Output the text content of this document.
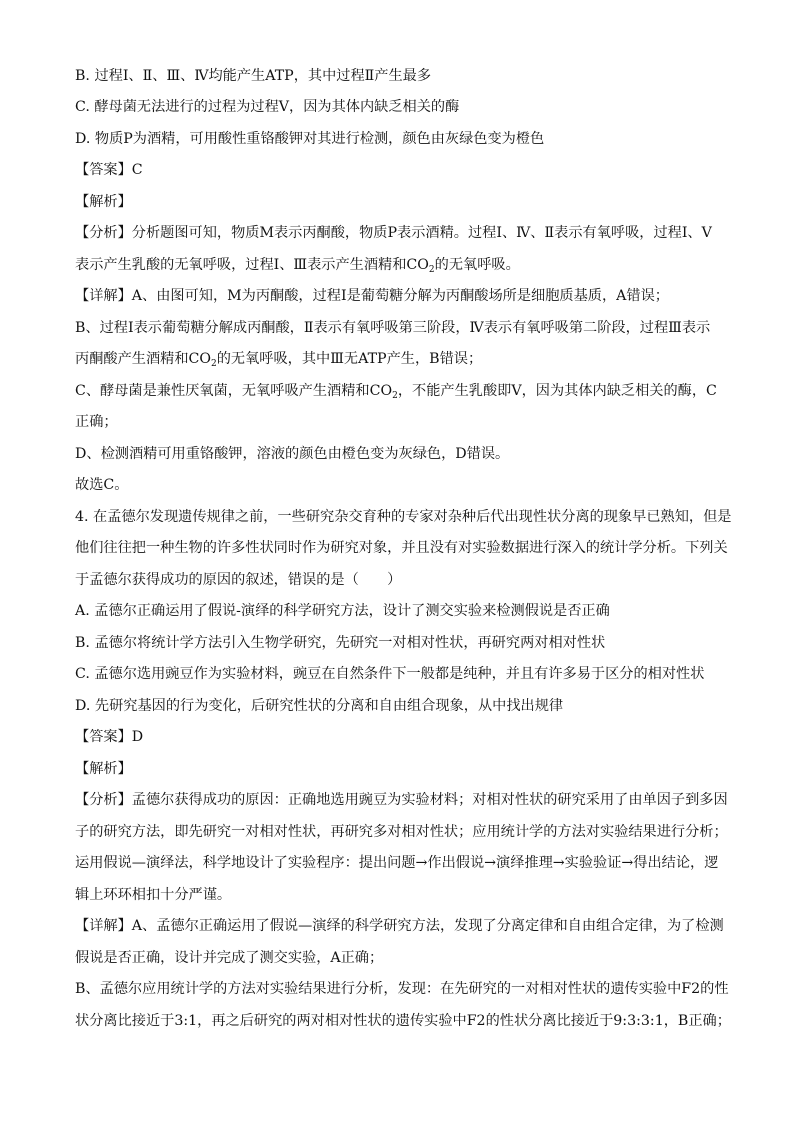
B. 过程Ⅰ、Ⅱ、Ⅲ、Ⅳ均能产生ATP，其中过程Ⅱ产生最多
C. 酵母菌无法进行的过程为过程Ⅴ，因为其体内缺乏相关的酶
D. 物质P为酒精，可用酸性重铬酸钾对其进行检测，颜色由灰绿色变为橙色
【答案】C
【解析】
【分析】分析题图可知，物质M表示丙酮酸，物质P表示酒精。过程Ⅰ、Ⅳ、Ⅱ表示有氧呼吸，过程Ⅰ、Ⅴ
表示产生乳酸的无氧呼吸，过程Ⅰ、Ⅲ表示产生酒精和$CO_2$的无氧呼吸。
【详解】A、由图可知，M为丙酮酸，过程Ⅰ是葡萄糖分解为丙酮酸场所是细胞质基质，A错误；
B、过程Ⅰ表示葡萄糖分解成丙酮酸，Ⅱ表示有氧呼吸第三阶段，Ⅳ表示有氧呼吸第二阶段，过程Ⅲ表示
丙酮酸产生酒精和$CO_2$的无氧呼吸，其中Ⅲ无ATP产生，B错误；
C、酵母菌是兼性厌氧菌，无氧呼吸产生酒精和$CO_2$，不能产生乳酸即Ⅴ，因为其体内缺乏相关的酶，C
正确；
D、检测酒精可用重铬酸钾，溶液的颜色由橙色变为灰绿色，D错误。
故选C。
4. 在孟德尔发现遗传规律之前，一些研究杂交育种的专家对杂种后代出现性状分离的现象早已熟知，但是
他们往往把一种生物的许多性状同时作为研究对象，并且没有对实验数据进行深入的统计学分析。下列关
于孟德尔获得成功的原因的叙述，错误的是（　　）
A. 孟德尔正确运用了假说-演绎的科学研究方法，设计了测交实验来检测假说是否正确
B. 孟德尔将统计学方法引入生物学研究，先研究一对相对性状，再研究两对相对性状
C. 孟德尔选用豌豆作为实验材料，豌豆在自然条件下一般都是纯种，并且有许多易于区分的相对性状
D. 先研究基因的行为变化，后研究性状的分离和自由组合现象，从中找出规律
【答案】D
【解析】
【分析】孟德尔获得成功的原因：正确地选用豌豆为实验材料；对相对性状的研究采用了由单因子到多因
子的研究方法，即先研究一对相对性状，再研究多对相对性状；应用统计学的方法对实验结果进行分析；
运用假说—演绎法，科学地设计了实验程序：提出问题→作出假说→演绎推理→实验验证→得出结论，逻
辑上环环相扣十分严谨。
【详解】A、孟德尔正确运用了假说—演绎的科学研究方法，发现了分离定律和自由组合定律，为了检测
假说是否正确，设计并完成了测交实验，A正确；
B、孟德尔应用统计学的方法对实验结果进行分析，发现：在先研究的一对相对性状的遗传实验中F2的性
状分离比接近于3:1，再之后研究的两对相对性状的遗传实验中F2的性状分离比接近于9:3:3:1，B正确；
